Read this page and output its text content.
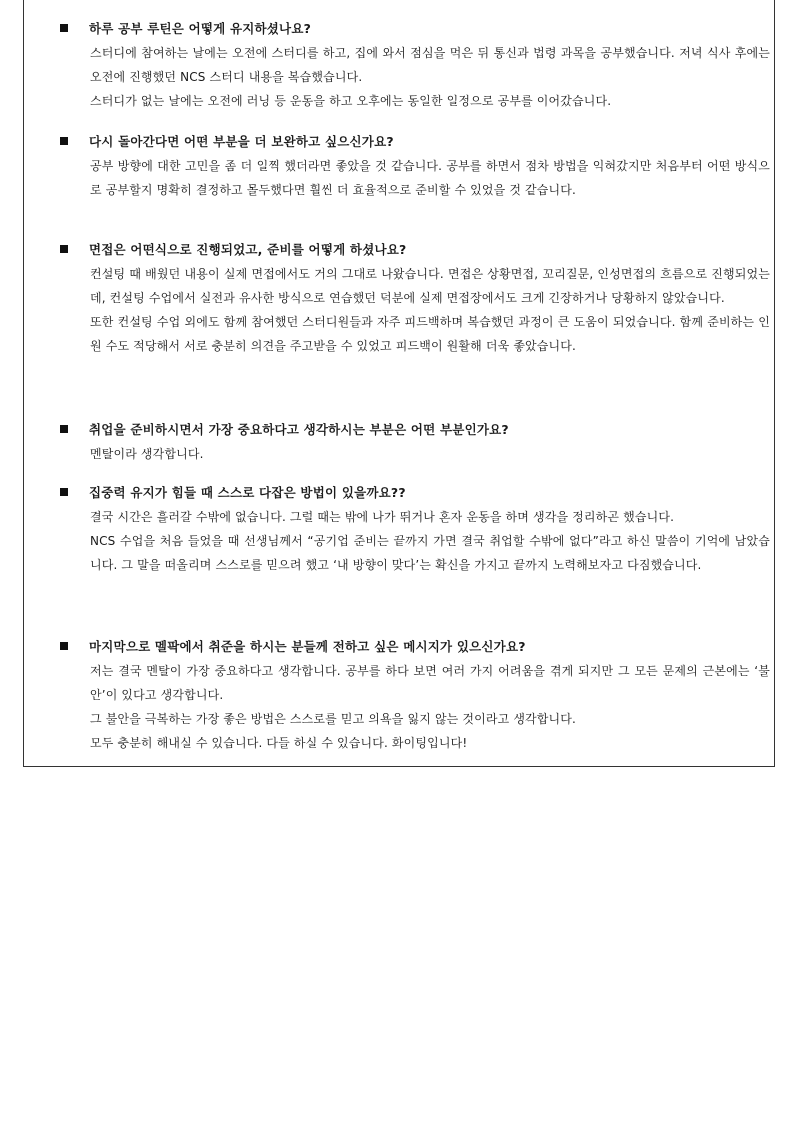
하루 공부 루틴은 어떻게 유지하셨나요?

스터디에 참여하는 날에는 오전에 스터디를 하고, 집에 와서 점심을 먹은 뒤 통신과 법령 과목을 공부했습니다. 저녁 식사 후에는 오전에 진행했던 NCS 스터디 내용을 복습했습니다.

스터디가 없는 날에는 오전에 러닝 등 운동을 하고 오후에는 동일한 일정으로 공부를 이어갔습니다.

다시 돌아간다면 어떤 부분을 더 보완하고 싶으신가요?

공부 방향에 대한 고민을 좀 더 일찍 했더라면 좋았을 것 같습니다. 공부를 하면서 점차 방법을 익혀갔지만 처음부터 어떤 방식으로 공부할지 명확히 결정하고 몰두했다면 훨씬 더 효율적으로 준비할 수 있었을 것 같습니다.

면접은 어떤식으로 진행되었고, 준비를 어떻게 하셨나요?

컨설팅 때 배웠던 내용이 실제 면접에서도 거의 그대로 나왔습니다. 면접은 상황면접, 꼬리질문, 인성면접의 흐름으로 진행되었는데, 컨설팅 수업에서 실전과 유사한 방식으로 연습했던 덕분에 실제 면접장에서도 크게 긴장하거나 당황하지 않았습니다.

또한 컨설팅 수업 외에도 함께 참여했던 스터디원들과 자주 피드백하며 복습했던 과정이 큰 도움이 되었습니다. 함께 준비하는 인원 수도 적당해서 서로 충분히 의견을 주고받을 수 있었고 피드백이 원활해 더욱 좋았습니다.

취업을 준비하시면서 가장 중요하다고 생각하시는 부분은 어떤 부분인가요?

멘탈이라 생각합니다.

집중력 유지가 힘들 때 스스로 다잡은 방법이 있을까요??

결국 시간은 흘러갈 수밖에 없습니다. 그럴 때는 밖에 나가 뛰거나 혼자 운동을 하며 생각을 정리하곤 했습니다.

NCS 수업을 처음 들었을 때 선생님께서 “공기업 준비는 끝까지 가면 결국 취업할 수밖에 없다”라고 하신 말씀이 기억에 남았습니다. 그 말을 떠올리며 스스로를 믿으려 했고 ‘내 방향이 맞다’는 확신을 가지고 끝까지 노력해보자고 다짐했습니다.

마지막으로 멜팍에서 취준을 하시는 분들께 전하고 싶은 메시지가 있으신가요?

저는 결국 멘탈이 가장 중요하다고 생각합니다. 공부를 하다 보면 여러 가지 어려움을 겪게 되지만 그 모든 문제의 근본에는 ‘불안’이 있다고 생각합니다.

그 불안을 극복하는 가장 좋은 방법은 스스로를 믿고 의욕을 잃지 않는 것이라고 생각합니다.

모두 충분히 해내실 수 있습니다. 다들 하실 수 있습니다. 화이팅입니다!
